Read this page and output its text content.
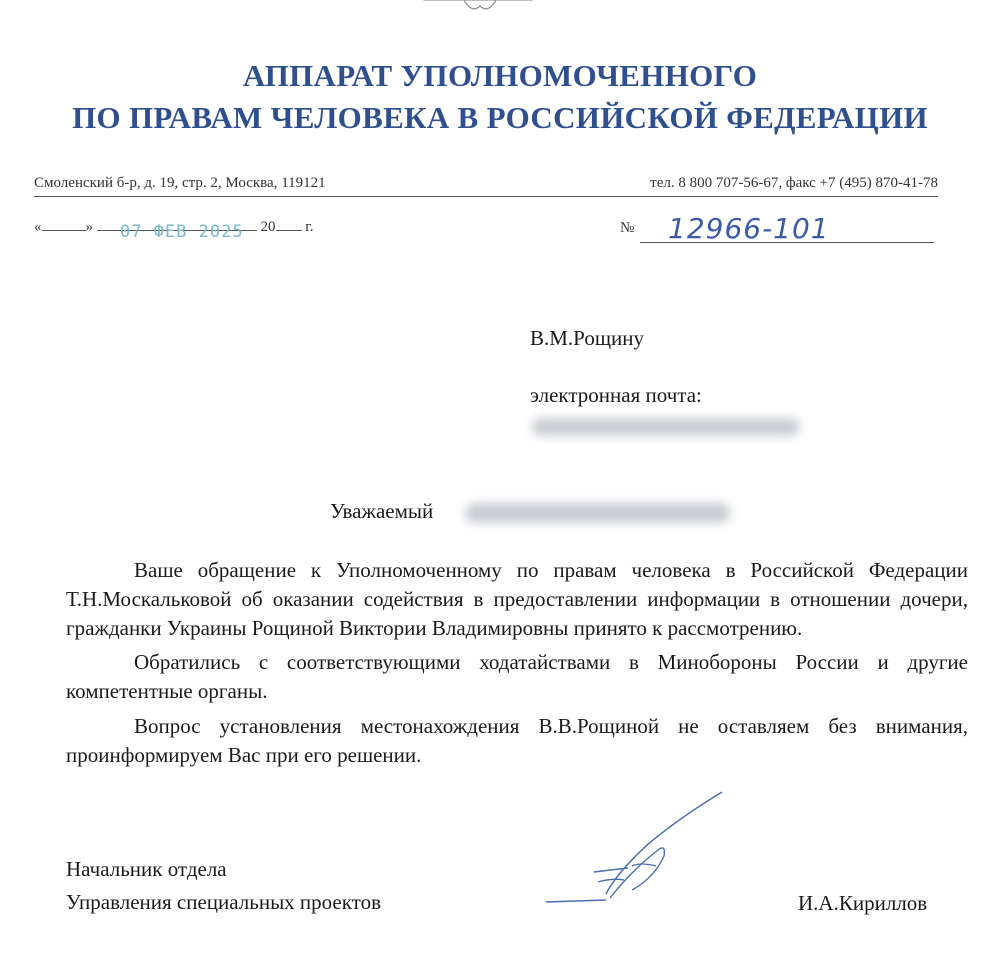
АППАРАТ УПОЛНОМОЧЕННОГО
ПО ПРАВАМ ЧЕЛОВЕКА В РОССИЙСКОЙ ФЕДЕРАЦИИ
Смоленский б-р, д. 19, стр. 2, Москва, 119121	тел. 8 800 707-56-67, факс +7 (495) 870-41-78
«	»	20 г.
07 ФЕВ 2025	№ 12966-101
В.М.Рощину
электронная почта:
Уважаемый

Ваше обращение к Уполномоченному по правам человека в Российской Федерации Т.Н.Москальковой об оказании содействия в предоставлении информации в отношении дочери, гражданки Украины Рощиной Виктории Владимировны принято к рассмотрению.

Обратились с соответствующими ходатайствами в Минобороны России и другие компетентные органы.

Вопрос установления местонахождения В.В.Рощиной не оставляем без внимания, проинформируем Вас при его решении.

Начальник отдела
Управления специальных проектов	И.А.Кириллов
